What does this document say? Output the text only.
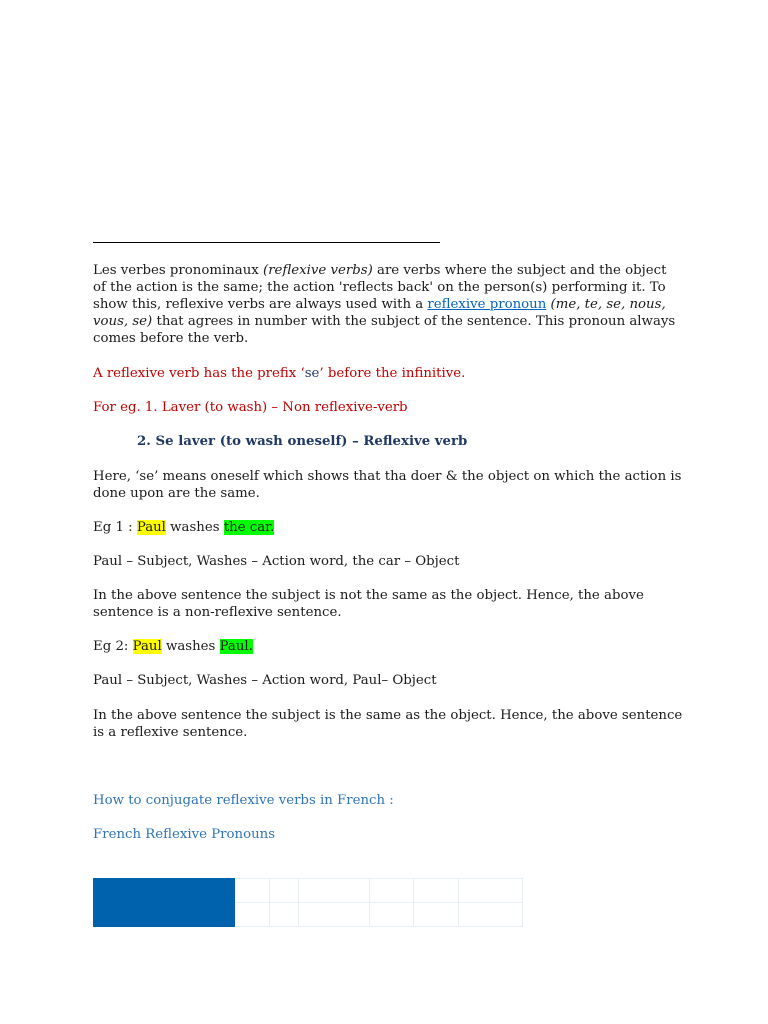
Les verbes pronominaux (reflexive verbs) are verbs where the subject and the object of the action is the same; the action 'reflects back' on the person(s) performing it. To show this, reflexive verbs are always used with a reflexive pronoun (me, te, se, nous, vous, se) that agrees in number with the subject of the sentence. This pronoun always comes before the verb.

A reflexive verb has the prefix ‘se’ before the infinitive.

For eg. 1. Laver (to wash) – Non reflexive-verb

2. Se laver (to wash oneself) – Reflexive verb

Here, ‘se’ means oneself which shows that tha doer & the object on which the action is done upon are the same.

Eg 1 : Paul washes the car.

Paul – Subject, Washes – Action word, the car – Object

In the above sentence the subject is not the same as the object. Hence, the above sentence is a non-reflexive sentence.

Eg 2: Paul washes Paul.

Paul – Subject, Washes – Action word, Paul– Object

In the above sentence the subject is the same as the object. Hence, the above sentence is a reflexive sentence.

How to conjugate reflexive verbs in French :

French Reflexive Pronouns
